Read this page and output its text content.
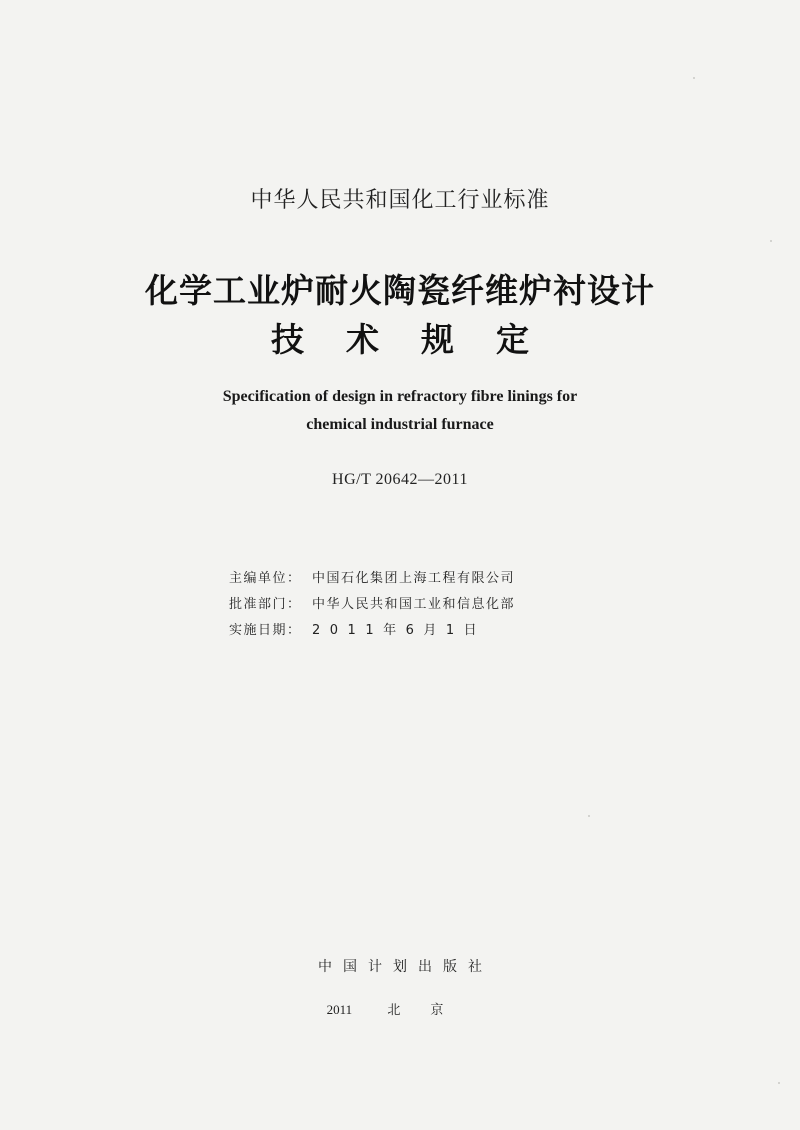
中华人民共和国化工行业标准
化学工业炉耐火陶瓷纤维炉衬设计
技术规定
Specification of design in refractory fibre linings for
chemical industrial furnace
HG/T 20642—2011
主编单位： 中国石化集团上海工程有限公司
批准部门： 中华人民共和国工业和信息化部
实施日期： 2011年6月1日
中国计划出版社
2011	北京
